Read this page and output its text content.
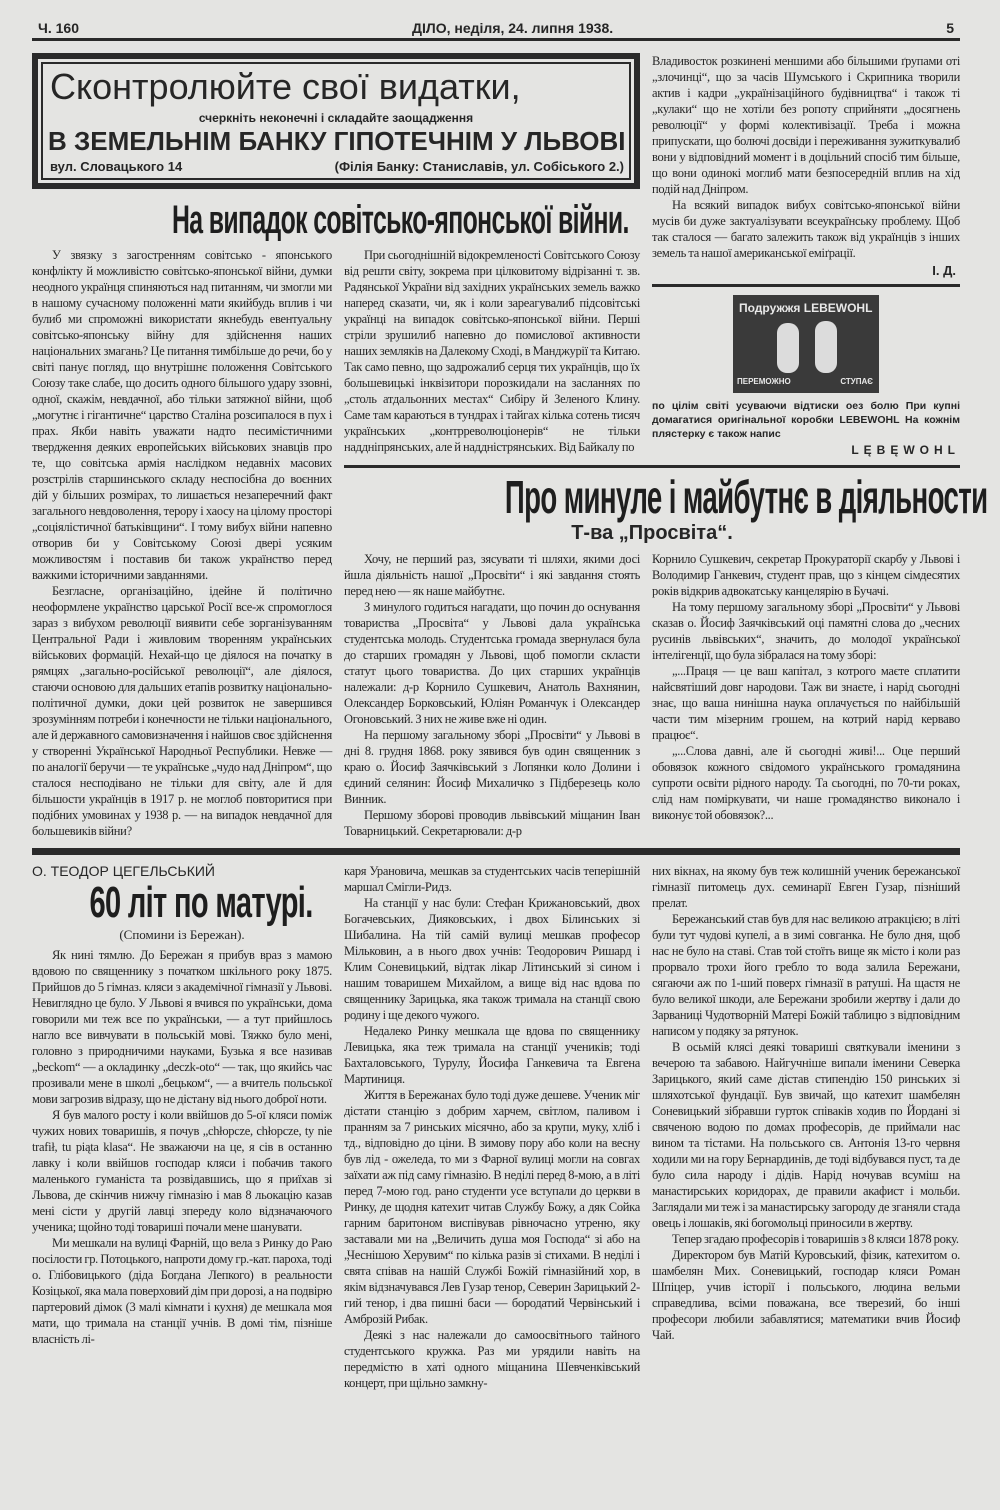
Ч. 160	ДІЛО, неділя, 24. липня 1938.	5
Сконтролюйте свої видатки,
счеркніть неконечні і складайте заощадження
В ЗЕМЕЛЬНІМ БАНКУ ГІПОТЕЧНІМ У ЛЬВОВІ
вул. Словацького 14	(Філія Банку: Станиславів, ул. Собіського 2.)
На випадок совітсько-японської війни.

У звязку з загостренням совітсько - японського конфлікту й можливістю совітсько-японської війни, думки неодного українця спиняються над питанням, чи змогли ми в нашому сучасному положенні мати якийбудь вплив і чи булиб ми спроможні використати якнебудь евентуальну совітсько-японську війну для здійснення наших національних змагань? Це питання тимбільше до речи, бо у світі панує погляд, що внутрішнє положення Совітського Союзу таке слабе, що досить одного більшого удару ззовні, одної, скажім, невдачної, або тільки затяжної війни, щоб „могутнє і гігантичне“ царство Сталіна розсипалося в пух і прах. Якби навіть уважати надто песимістичними твердження деяких европейських військових знавців про те, що совітська армія наслідком недавніх масових розстрілів старшинського складу неспосібна до воєнних дій у більших розмірах, то лишається незаперечний факт загального невдоволення, терору і хаосу на цілому просторі „соціялістичної батьківщини“. І тому вибух війни напевно отворив би у Совітському Союзі двері усяким можливостям і поставив би також українство перед важкими історичними завданнями.

Безгласне, організаційно, ідейне й політично неоформлене українство царської Росії все-ж спромоглося зараз з вибухом революції виявити себе зорганізуванням Центральної Ради і живловим творенням українських військових формацій. Нехай-що це діялося на початку в рямцях „загально-російської революції“, але діялося, стаючи основою для дальших етапів розвитку національно-політичної думки, доки цей розвиток не завершився зрозумінням потреби і конечности не тільки національного, але й державного самовизначення і найшов своє здійснення у створенні Української Народньої Республики. Невже — по аналогії беручи — те українське „чудо над Дніпром“, що сталося несподівано не тільки для світу, але й для більшости українців в 1917 р. не моглоб повторитися при подібних умовинах у 1938 р. — на випадок невдачної для большевиків війни?

При сьогоднішній відокремленості Совітського Союзу від решти світу, зокрема при цілковитому відрізанні т. зв. Радянської України від західних українських земель важко наперед сказати, чи, як і коли зареагувалиб підсовітські українці на випадок совітсько-японської війни. Перші стріли зрушилиб напевно до помислової активности наших земляків на Далекому Сході, в Манджурії та Китаю. Так само певно, що задрожалиб серця тих українців, що їх большевицькі інквізитори порозкидали на засланнях по „столь атдальонних местах“ Сибіру й Зеленого Клину. Саме там караються в тундрах і тайгах кілька сотень тисяч українських „контрреволюціонерів“ не тільки наддніпрянських, але й наддністрянських. Від Байкалу по

Владивосток розкинені меншими або більшими ґрупами оті „злочинці“, що за часів Шумського і Скрипника творили актив і кадри „українізаційного будівництва“ і також ті „кулаки“ що не хотіли без ропоту сприйняти „досягнень революції“ у формі колективізації. Треба і можна припускати, що болючі досвіди і переживання зужиткувалиб вони у відповідний момент і в доцільний спосіб тим більше, що вони одинокі моглиб мати безпосередній вплив на хід подій над Дніпром.

На всякий випадок вибух совітсько-японської війни мусів би дуже зактуалізувати всеукраїнську проблему. Щоб так сталося — багато залежить також від українців з інших земель та нашої американської еміґрації.

І. Д.
Подружжя LEBEWOHL
ПЕРЕМОЖНО	СТУПАЄ
по цілім світі усуваючи відтиски оез болю При купні домагатися оригінальної коробки LEBEWOHL На кожнім плястерку є також напис
LĘBĘWOHL
Про минуле і майбутнє в діяльности
Т-ва „Просвіта“.

Хочу, не перший раз, зясувати ті шляхи, якими досі йшла діяльність нашої „Просвіти“ і які завдання стоять перед нею — як наше майбутнє.

З минулого годиться нагадати, що почин до оснування товариства „Просвіта“ у Львові дала українська студентська молодь. Студентська громада звернулася була до старших громадян у Львові, щоб помогли скласти статут цього товариства. До цих старших українців належали: д-р Корнило Сушкевич, Анатоль Вахнянин, Олександер Борковський, Юліян Романчук і Олександер Огоновський. З них не живе вже ні один.

На першому загальному зборі „Просвіти“ у Львові в дні 8. грудня 1868. року зявився був один священник з краю о. Йосиф Заячківський з Лопянки коло Долини і єдиний селянин: Йосиф Михаличко з Підберезець коло Винник.

Першому зборові проводив львівський міщанин Іван Товарницький. Секретарювали: д-р

Корнило Сушкевич, секретар Прокураторії скарбу у Львові і Володимир Ганкевич, студент прав, що з кінцем сімдесятих років відкрив адвокатську канцелярію в Бучачі.

На тому першому загальному зборі „Просвіти“ у Львові сказав о. Йосиф Заячківський оці памятні слова до „чесних русинів львівських“, значить, до молодої української інтелігенції, що була зібралася на тому зборі:

„...Праця — це ваш капітал, з котрого маєте сплатити найсвятіший довг народови. Таж ви знаєте, і нарід сьогодні знає, що ваша нинішна наука оплачується по найбільшій части тим мізерним грошем, на котрий нарід кервавo працює“.

„...Слова давні, але й сьогодні живі!... Оце перший обовязок кожного свідомого українського громадянина супроти освіти рідного народу. Та сьогодні, по 70-ти роках, слід нам поміркувати, чи наше громадянство виконало і виконує той обовязок?...

О. ТЕОДОР ЦЕГЕЛЬСЬКИЙ
60 літ по матурі.
(Спомини із Бережан).

Як нині тямлю. До Бережан я прибув враз з мамою вдовою по священнику з початком шкільного року 1875. Прийшов до 5 гімназ. кляси з академічної гімназії у Львові. Невиглядно це було. У Львові я вчився по українськи, дома говорили ми теж все по українськи, — а тут прийшлось нагло все вивчувати в польській мові. Тяжко було мені, головно з природничими науками, Бузька я все називав „beckom“ — а окладинку „deczk-oto“ — так, що якийсь час прозивали мене в школі „бецьком“, — а вчитель польської мови загрозив відразу, що не дістану від нього доброї ноти.

Я був малого росту і коли ввійшов до 5-ої кляси поміж чужих нових товаришів, я почув „chłopcze, chłopcze, ty nie trafił, tu piąta klasa“. Не зважаючи на це, я сів в останню лавку і коли ввійшов господар кляси і побачив такого маленького гуманіста та розвідавшись, що я приїхав зі Львова, де скінчив нижчу гімназію і мав 8 льокацію казав мені сісти у другій лавці зпереду коло відзначаючого ученика; щойно тоді товариші почали мене шанувати.

Ми мешкали на вулиці Фарній, що вела з Ринку до Раю посілости гр. Потоцького, напроти дому гр.-кат. пароха, тоді о. Глібовицького (діда Богдана Лепкого) в реальности Козіцької, яка мала поверховий дім при дорозі, а на подвірю партеровий дімок (3 малі кімнати і кухня) де мешкала моя мати, що тримала на станції учнів. В домі тім, пізніше власність лі-

каря Урановича, мешкав за студентських часів теперішній маршал Смігли-Ридз.

На станції у нас були: Стефан Крижановський, двох Богачевських, Дияковських, і двох Білинських зі Шибалина. На тій самій вулиці мешкав професор Мільковин, а в нього двох учнів: Теодорович Ришард і Клим Соневицький, відтак лікар Літинський зі сином і нашим товаришем Михайлом, а вище від нас вдова по священнику Зарицька, яка також тримала на станції свою родину і ще декого чужого.

Недалеко Ринку мешкала ще вдова по священнику Левицька, яка теж тримала на станції учеників; тоді Бахталовського, Турулу, Йосифа Ганкевича та Евгена Мартиниця.

Життя в Бережанах було тоді дуже дешеве. Ученик міг дістати станцію з добрим харчем, світлом, паливом і пранням за 7 ринських місячно, або за крупи, муку, хліб і тд., відповідно до ціни. В зимову пору або коли на весну був лід - ожеледа, то ми з Фарної вулиці могли на совгах заїхати аж під саму гімназію. В неділі перед 8-мою, а в літі перед 7-мою год. рано студенти усе вступали до церкви в Ринку, де щодня катехит читав Службу Божу, а дяк Сойка гарним баритоном виспівував рівночасно утреню, яку заставали ми на „Величить душа моя Господа“ зі або на „Чеснішою Херувим“ по кілька разів зі стихами. В неділі і свята співав на нашій Службі Божій гімназійний хор, в якім відзначувався Лев Гузар тенор, Северин Зарицький 2-гий тенор, і два пишні баси — бородатий Червінський і Амброзій Рибак.

Деякі з нас належали до самоосвітнього тайного студентського кружка. Раз ми урядили навіть на передмістю в хаті одного міщанина Шевченківський концерт, при щільно замкну-

них вікнах, на якому був теж колишній ученик бережанської гімназії питомець дух. семинарії Евген Гузар, пізніший прелат.

Бережанський став був для нас великою атракцією; в літі були тут чудові купелі, а в зимі совганка. Не було дня, щоб нас не було на ставі. Став той стоїть вище як місто і коли раз прорвало трохи його гребло то вода залила Бережани, сягаючи аж по 1-ший поверх гімназії в ратуші. На щастя не було великої шкоди, але Бережани зробили жертву і дали до Зарваниці Чудотворній Матері Божій таблицю з відповідним написом у подяку за рятунок.

В осьмій клясі деякі товариші святкували іменини з вечерою та забавою. Найгучніше випали іменини Северка Зарицького, який саме дістав стипендію 150 ринських зі шляхотської фундації. Був звичай, що катехит шамбелян Соневицький зібравши гурток співаків ходив по Йордані зі свяченою водою по домах професорів, де приймали нас вином та тістами. На польського св. Антонія 13-го червня ходили ми на гору Бернардинів, де тоді відбувався пуст, та де було сила народу і дідів. Нарід ночував всуміш на манастирських коридорах, де правили акафист і мольби. Заглядали ми теж і за манастирську загороду де зганяли стада овець і лошаків, які богомольці приносили в жертву.

Тепер згадаю професорів і товаришів з 8 кляси 1878 року.

Директором був Матій Куровський, фізик, катехитом о. шамбелян Мих. Соневицький, господар кляси Роман Шпіцер, учив історії і польського, людина вельми справедлива, всіми поважана, все тверезий, бо інші професори любили забавлятися; математики вчив Йосиф Чай.
